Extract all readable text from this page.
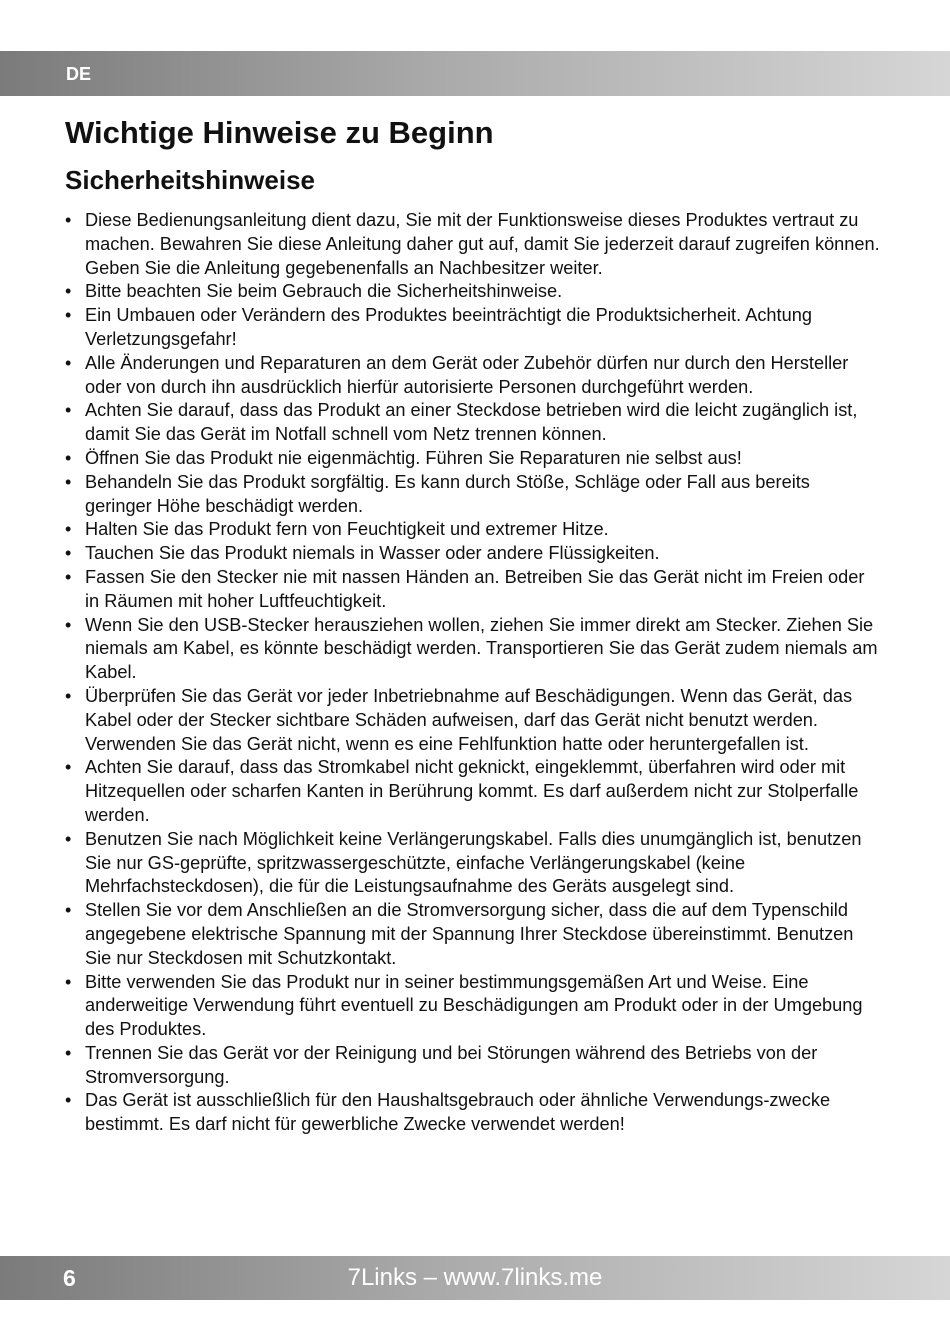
DE
Wichtige Hinweise zu Beginn
Sicherheitshinweise
• Diese Bedienungsanleitung dient dazu, Sie mit der Funktionsweise dieses Produktes vertraut zu machen. Bewahren Sie diese Anleitung daher gut auf, damit Sie jederzeit darauf zugreifen können. Geben Sie die Anleitung gegebenenfalls an Nachbesitzer weiter.
• Bitte beachten Sie beim Gebrauch die Sicherheitshinweise.
• Ein Umbauen oder Verändern des Produktes beeinträchtigt die Produktsicherheit. Achtung Verletzungsgefahr!
• Alle Änderungen und Reparaturen an dem Gerät oder Zubehör dürfen nur durch den Hersteller oder von durch ihn ausdrücklich hierfür autorisierte Personen durchgeführt werden.
• Achten Sie darauf, dass das Produkt an einer Steckdose betrieben wird die leicht zugänglich ist, damit Sie das Gerät im Notfall schnell vom Netz trennen können.
• Öffnen Sie das Produkt nie eigenmächtig. Führen Sie Reparaturen nie selbst aus!
• Behandeln Sie das Produkt sorgfältig. Es kann durch Stöße, Schläge oder Fall aus bereits geringer Höhe beschädigt werden.
• Halten Sie das Produkt fern von Feuchtigkeit und extremer Hitze.
• Tauchen Sie das Produkt niemals in Wasser oder andere Flüssigkeiten.
• Fassen Sie den Stecker nie mit nassen Händen an. Betreiben Sie das Gerät nicht im Freien oder in Räumen mit hoher Luftfeuchtigkeit.
• Wenn Sie den USB-Stecker herausziehen wollen, ziehen Sie immer direkt am Stecker. Ziehen Sie niemals am Kabel, es könnte beschädigt werden. Transportieren Sie das Gerät zudem niemals am Kabel.
• Überprüfen Sie das Gerät vor jeder Inbetriebnahme auf Beschädigungen. Wenn das Gerät, das Kabel oder der Stecker sichtbare Schäden aufweisen, darf das Gerät nicht benutzt werden. Verwenden Sie das Gerät nicht, wenn es eine Fehlfunktion hatte oder heruntergefallen ist.
• Achten Sie darauf, dass das Stromkabel nicht geknickt, eingeklemmt, überfahren wird oder mit Hitzequellen oder scharfen Kanten in Berührung kommt. Es darf außerdem nicht zur Stolperfalle werden.
• Benutzen Sie nach Möglichkeit keine Verlängerungskabel. Falls dies unumgänglich ist, benutzen Sie nur GS-geprüfte, spritzwassergeschützte, einfache Verlängerungskabel (keine Mehrfachsteckdosen), die für die Leistungsaufnahme des Geräts ausgelegt sind.
• Stellen Sie vor dem Anschließen an die Stromversorgung sicher, dass die auf dem Typenschild angegebene elektrische Spannung mit der Spannung Ihrer Steckdose übereinstimmt. Benutzen Sie nur Steckdosen mit Schutzkontakt.
• Bitte verwenden Sie das Produkt nur in seiner bestimmungsgemäßen Art und Weise. Eine anderweitige Verwendung führt eventuell zu Beschädigungen am Produkt oder in der Umgebung des Produktes.
• Trennen Sie das Gerät vor der Reinigung und bei Störungen während des Betriebs von der Stromversorgung.
• Das Gerät ist ausschließlich für den Haushaltsgebrauch oder ähnliche Verwendungs-zwecke bestimmt. Es darf nicht für gewerbliche Zwecke verwendet werden!
6	7Links – www.7links.me
